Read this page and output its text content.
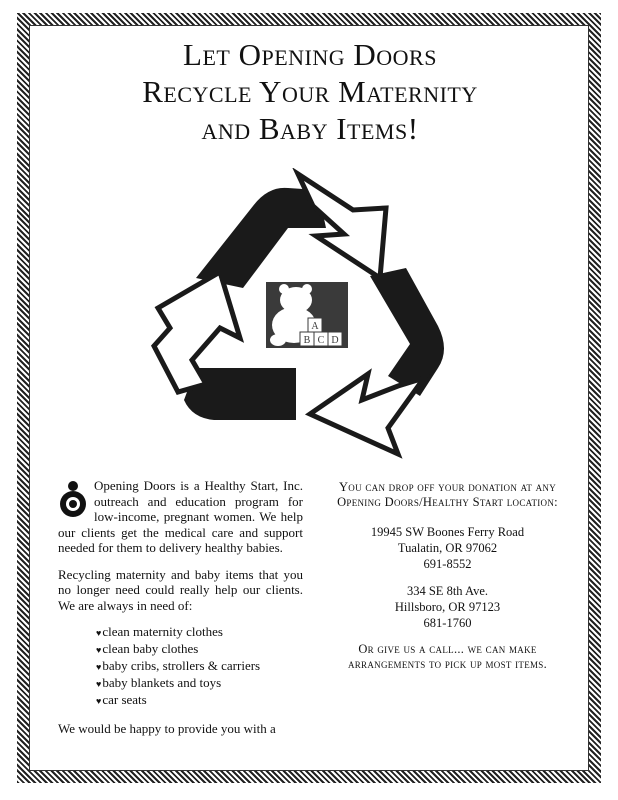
Let Opening Doors
Recycle Your Maternity
and Baby Items!
A
B C D

Opening Doors is a Healthy Start, Inc. outreach and education program for low-income, pregnant women. We help our clients get the medical care and support needed for them to delivery healthy babies.

Recycling maternity and baby items that you no longer need could really help our clients. We are always in need of:

♥ clean maternity clothes
♥ clean baby clothes
♥ baby cribs, strollers & carriers
♥ baby blankets and toys
♥ car seats

We would be happy to provide you with a

You can drop off your donation at any Opening Doors/Healthy Start location:

19945 SW Boones Ferry Road
Tualatin, OR 97062
691-8552

334 SE 8th Ave.
Hillsboro, OR 97123
681-1760

Or give us a call... we can make arrangements to pick up most items.
